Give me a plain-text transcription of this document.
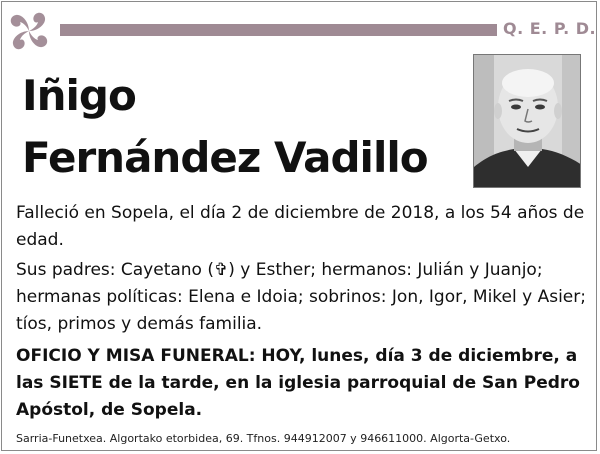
Q. E. P. D.
Iñigo
Fernández Vadillo
Falleció en Sopela, el día 2 de diciembre de 2018, a los 54 años de edad.
Sus padres: Cayetano (✞) y Esther; hermanos: Julián y Juanjo; hermanas políticas: Elena e Idoia; sobrinos: Jon, Igor, Mikel y Asier; tíos, primos y demás familia.
OFICIO Y MISA FUNERAL: HOY, lunes, día 3 de diciembre, a las SIETE de la tarde, en la iglesia parroquial de San Pedro Apóstol, de Sopela.
Sarria-Funetxea. Algortako etorbidea, 69. Tfnos. 944912007 y 946611000. Algorta-Getxo.
